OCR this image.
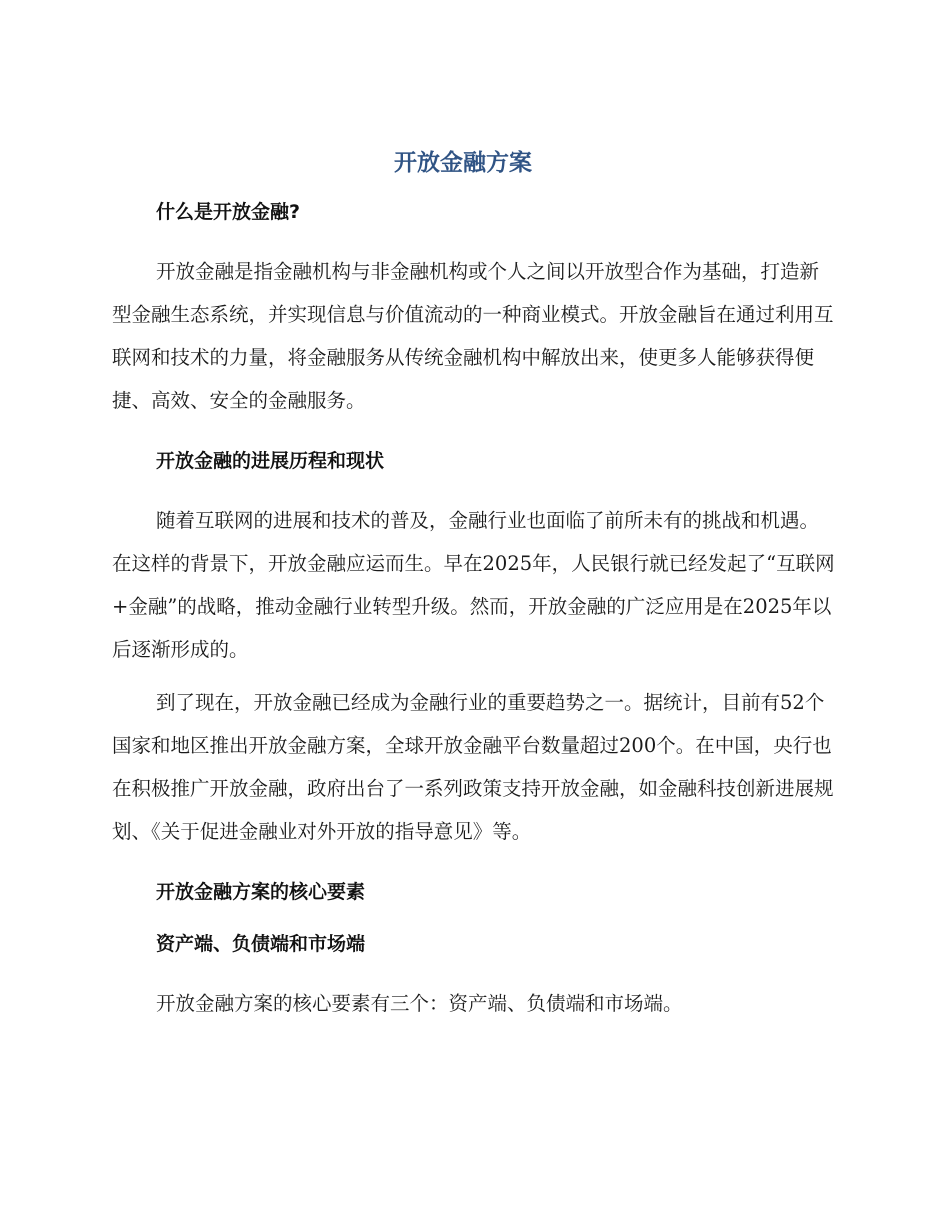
开放金融方案
什么是开放金融?

开放金融是指金融机构与非金融机构或个人之间以开放型合作为基础，打造新型金融生态系统，并实现信息与价值流动的一种商业模式。开放金融旨在通过利用互联网和技术的力量，将金融服务从传统金融机构中解放出来，使更多人能够获得便捷、高效、安全的金融服务。

开放金融的进展历程和现状

随着互联网的进展和技术的普及，金融行业也面临了前所未有的挑战和机遇。在这样的背景下，开放金融应运而生。早在2025年，人民银行就已经发起了“互联网+金融”的战略，推动金融行业转型升级。然而，开放金融的广泛应用是在2025年以后逐渐形成的。

到了现在，开放金融已经成为金融行业的重要趋势之一。据统计，目前有52个国家和地区推出开放金融方案，全球开放金融平台数量超过200个。在中国，央行也在积极推广开放金融，政府出台了一系列政策支持开放金融，如金融科技创新进展规划、《关于促进金融业对外开放的指导意见》等。

开放金融方案的核心要素
资产端、负债端和市场端

开放金融方案的核心要素有三个：资产端、负债端和市场端。
